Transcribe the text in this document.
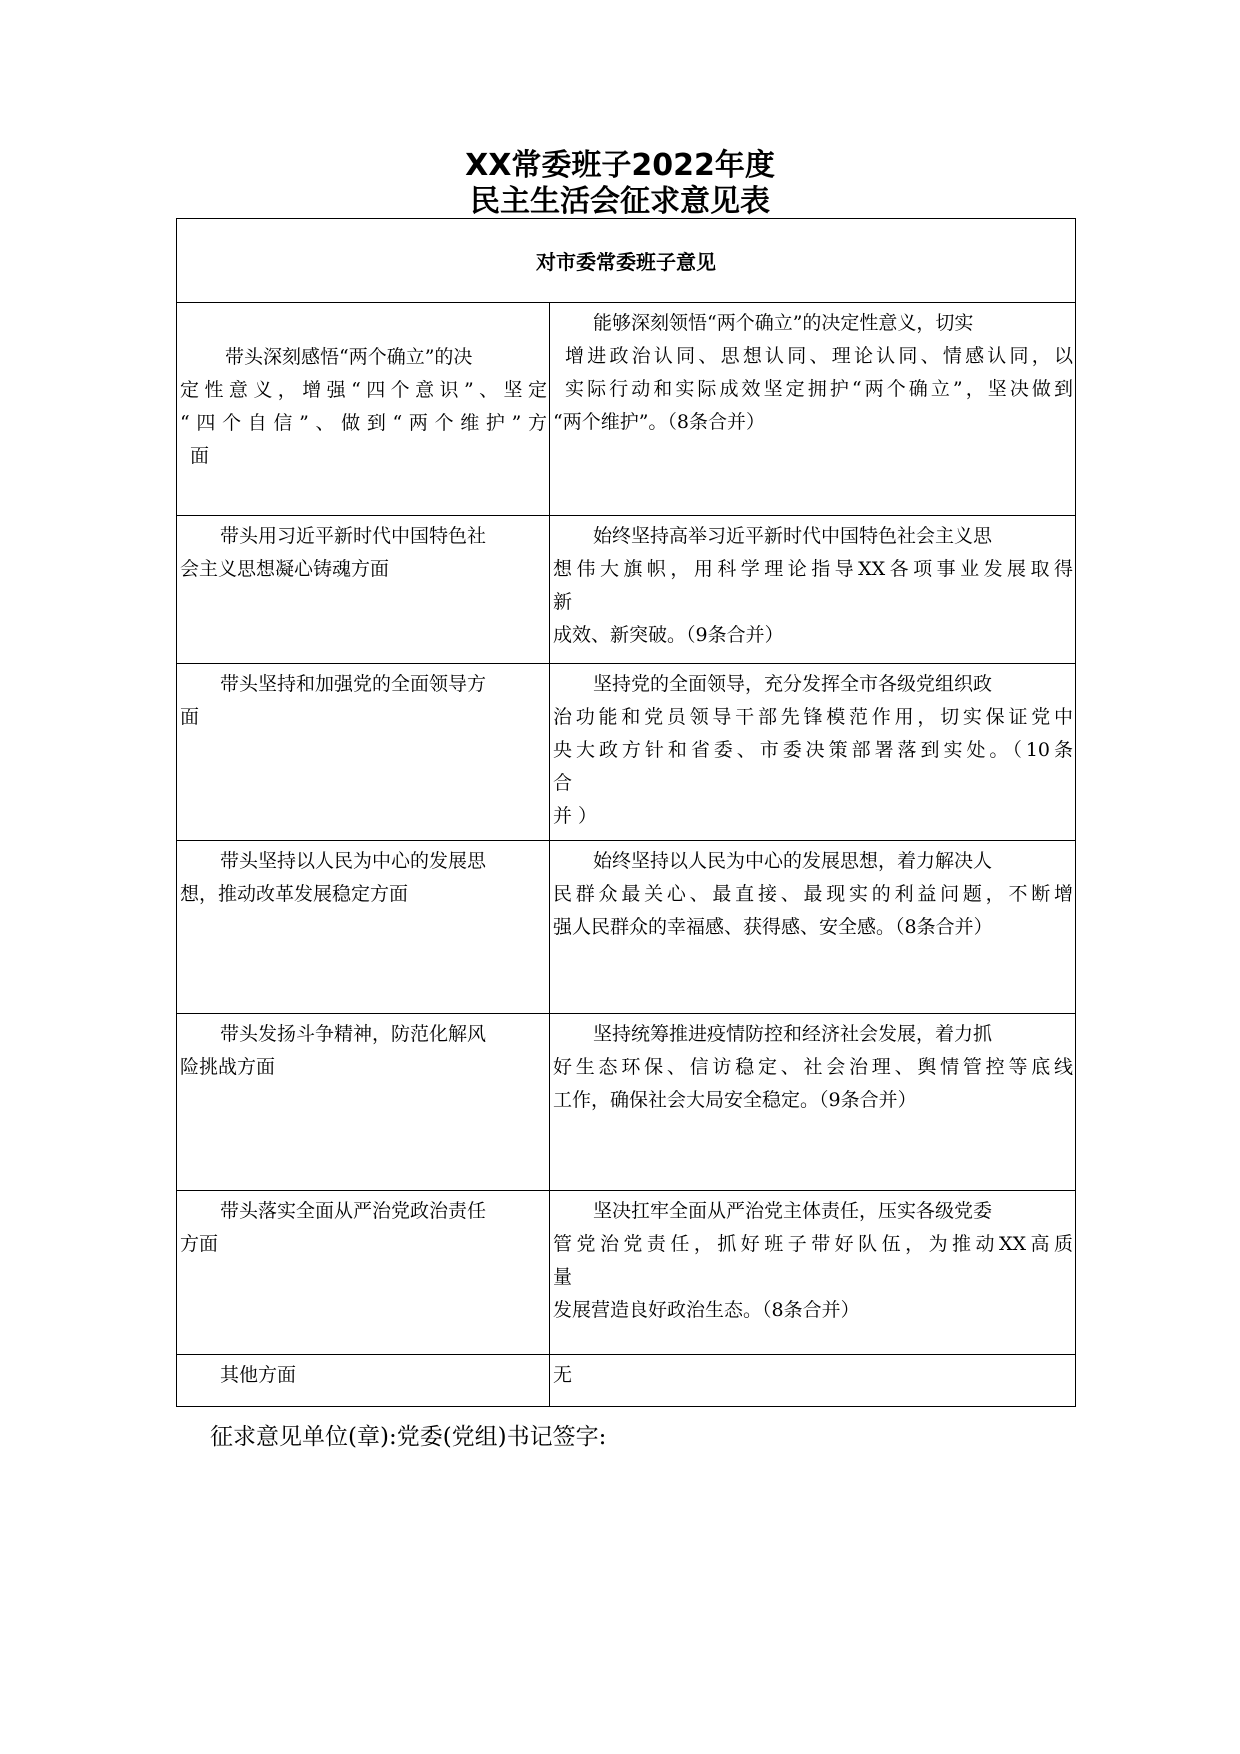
XX常委班子2022年度
民主生活会征求意见表
对市委常委班子意见	

带头深刻感悟“两个确立”的决
定性意义，增强“四个意识”、坚定
“四个自信”、做到“两个维护”方
面	能够深刻领悟“两个确立”的决定性意义，切实
增进政治认同、思想认同、理论认同、情感认同，以
实际行动和实际成效坚定拥护“两个确立”，坚决做到
“两个维护”。（8条合并）

带头用习近平新时代中国特色社
会主义思想凝心铸魂方面	始终坚持高举习近平新时代中国特色社会主义思
想伟大旗帜，用科学理论指导XX各项事业发展取得
新
成效、新突破。（9条合并）

带头坚持和加强党的全面领导方
面	坚持党的全面领导，充分发挥全市各级党组织政
治功能和党员领导干部先锋模范作用，切实保证党中
央大政方针和省委、市委决策部署落到实处。（10条
合
并 ）

带头坚持以人民为中心的发展思
想，推动改革发展稳定方面	始终坚持以人民为中心的发展思想，着力解决人
民群众最关心、最直接、最现实的利益问题，不断增
强人民群众的幸福感、获得感、安全感。（8条合并）

带头发扬斗争精神，防范化解风
险挑战方面	坚持统筹推进疫情防控和经济社会发展，着力抓
好生态环保、信访稳定、社会治理、舆情管控等底线
工作，确保社会大局安全稳定。（9条合并）

带头落实全面从严治党政治责任
方面	坚决扛牢全面从严治党主体责任，压实各级党委
管党治党责任，抓好班子带好队伍，为推动XX高质
量
发展营造良好政治生态。（8条合并）

其他方面	无

征求意见单位(章):党委(党组)书记签字:
